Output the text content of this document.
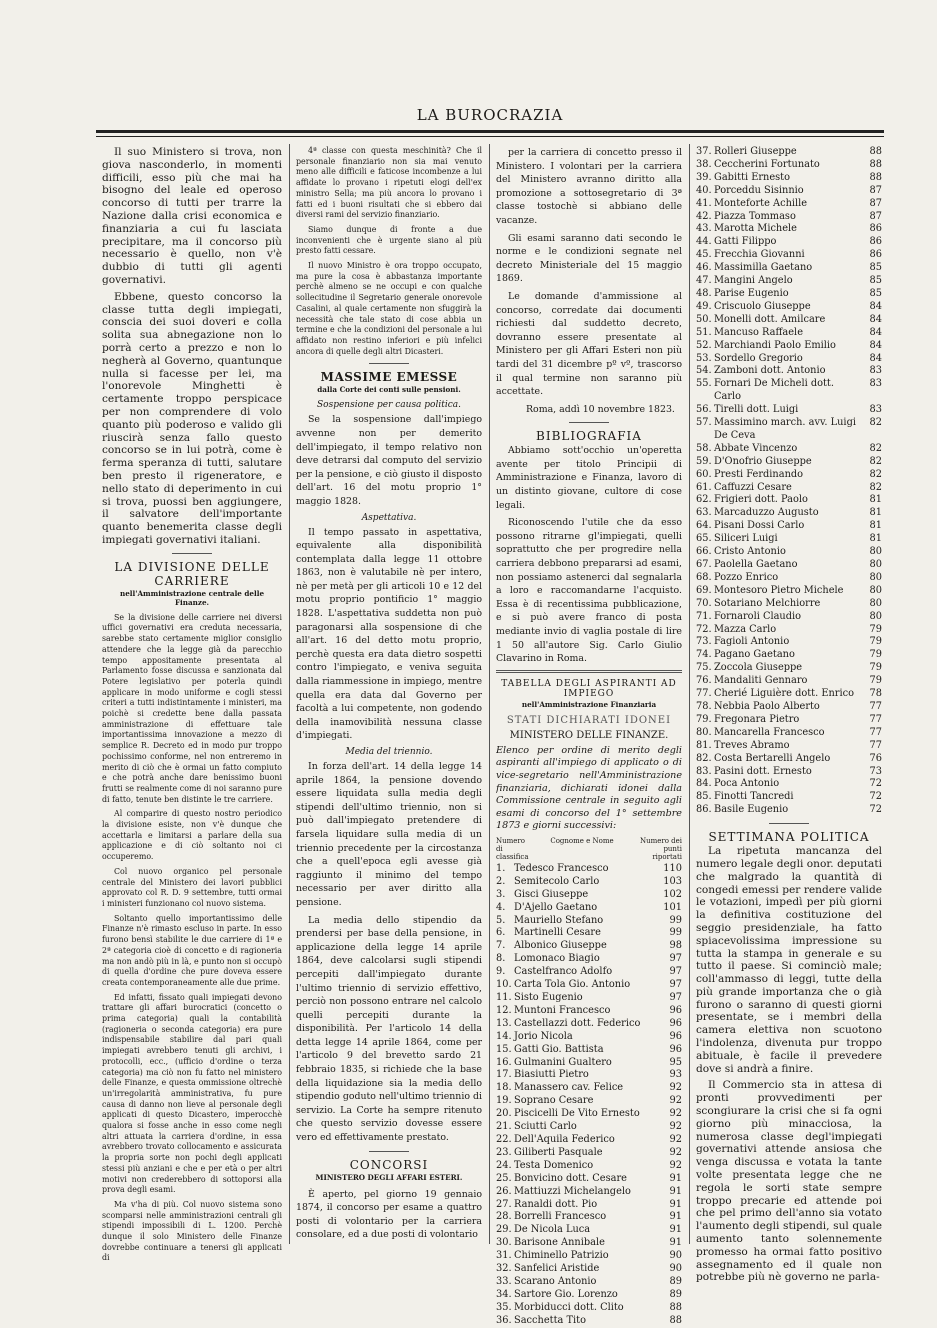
LA BUROCRAZIA

Il suo Ministero si trova, non giova nasconderlo, in momenti difficili, esso più che mai ha bisogno del leale ed operoso concorso di tutti per trarre la Nazione dalla crisi economica e finanziaria a cui fu lasciata precipitare, ma il concorso più necessario è quello, non v'è dubbio di tutti gli agenti governativi.

Ebbene, questo concorso la classe tutta degli impiegati, conscia dei suoi doveri e colla solita sua abnegazione non lo porrà certo a prezzo e non lo negherà al Governo, quantunque nulla si facesse per lei, ma l'onorevole Minghetti è certamente troppo perspicace per non comprendere di volo quanto più poderoso e valido gli riuscirà senza fallo questo concorso se in lui potrà, come è ferma speranza di tutti, salutare ben presto il rigeneratore, e nello stato di deperimento in cui si trova, puossi ben aggiungere, il salvatore dell'importante quanto benemerita classe degli impiegati governativi italiani.

LA DIVISIONE DELLE CARRIERE
nell'Amministrazione centrale delle Finanze.

Se la divisione delle carriere nei diversi uffici governativi era creduta necessaria, sarebbe stato certamente miglior consiglio attendere che la legge già da parecchio tempo appositamente presentata al Parlamento fosse discussa e sanzionata dal Potere legislativo per poterla quindi applicare in modo uniforme e cogli stessi criteri a tutti indistintamente i ministeri, ma poichè si credette bene dalla passata amministrazione di effettuare tale importantissima innovazione a mezzo di semplice R. Decreto ed in modo pur troppo pochissimo conforme, nel non entreremo in merito di ciò che è ormai un fatto compiuto e che potrà anche dare benissimo buoni frutti se realmente come di noi saranno pure di fatto, tenute ben distinte le tre carriere.

Al comparire di questo nostro periodico la divisione esiste, non v'è dunque che accettarla e limitarsi a parlare della sua applicazione e di ciò soltanto noi ci occuperemo.

Col nuovo organico pel personale centrale del Ministero dei lavori pubblici approvato col R. D. 9 settembre, tutti ormai i ministeri funzionano col nuovo sistema.

Soltanto quello importantissimo delle Finanze n'è rimasto escluso in parte. In esso furono bensì stabilite le due carriere di 1ª e 2ª categoria cioè di concetto e di ragioneria ma non andò più in là, e punto non si occupò di quella d'ordine che pure doveva essere creata contemporaneamente alle due prime.

Ed infatti, fissato quali impiegati devono trattare gli affari burocratici (concetto o prima categoria) quali la contabilità (ragioneria o seconda categoria) era pure indispensabile stabilire dal pari quali impiegati avrebbero tenuti gli archivi, i protocolli, ecc., (ufficio d'ordine o terza categoria) ma ciò non fu fatto nel ministero delle Finanze, e questa ommissione oltrechè un'irregolarità amministrativa, fu pure causa di danno non lieve al personale degli applicati di questo Dicastero, imperocchè qualora si fosse anche in esso come negli altri attuata la carriera d'ordine, in essa avrebbero trovato collocamento e assicurata la propria sorte non pochi degli applicati stessi più anziani e che e per età o per altri motivi non crederebbero di sottoporsi alla prova degli esami.

Ma v'ha di più. Col nuovo sistema sono scomparsi nelle amministrazioni centrali gli stipendi impossibili di L. 1200. Perchè dunque il solo Ministero delle Finanze dovrebbe continuare a tenersi gli applicati di

4ª classe con questa meschinità? Che il personale finanziario non sia mai venuto meno alle difficili e faticose incombenze a lui affidate lo provano i ripetuti elogi dell'ex ministro Sella; ma più ancora lo provano i fatti ed i buoni risultati che si ebbero dai diversi rami del servizio finanziario.

Siamo dunque di fronte a due inconvenienti che è urgente siano al più presto fatti cessare.

Il nuovo Ministro è ora troppo occupato, ma pure la cosa è abbastanza importante perchè almeno se ne occupi e con qualche sollecitudine il Segretario generale onorevole Casalini, al quale certamente non sfuggirà la necessità che tale stato di cose abbia un termine e che la condizioni del personale a lui affidato non restino inferiori e più infelici ancora di quelle degli altri Dicasteri.

MASSIME EMESSE
dalla Corte dei conti sulle pensioni.
Sospensione per causa politica.

Se la sospensione dall'impiego avvenne non per demerito dell'impiegato, il tempo relativo non deve detrarsi dal computo del servizio per la pensione, e ciò giusto il disposto dell'art. 16 del motu proprio 1° maggio 1828.

Aspettativa.

Il tempo passato in aspettativa, equivalente alla disponibilità contemplata dalla legge 11 ottobre 1863, non è valutabile nè per intero, nè per metà per gli articoli 10 e 12 del motu proprio pontificio 1° maggio 1828. L'aspettativa suddetta non può paragonarsi alla sospensione di che all'art. 16 del detto motu proprio, perchè questa era data dietro sospetti contro l'impiegato, e veniva seguita dalla riammessione in impiego, mentre quella era data dal Governo per facoltà a lui competente, non godendo della inamovibilità nessuna classe d'impiegati.

Media del triennio.

In forza dell'art. 14 della legge 14 aprile 1864, la pensione dovendo essere liquidata sulla media degli stipendi dell'ultimo triennio, non si può dall'impiegato pretendere di farsela liquidare sulla media di un triennio precedente per la circostanza che a quell'epoca egli avesse già raggiunto il minimo del tempo necessario per aver diritto alla pensione.

La media dello stipendio da prendersi per base della pensione, in applicazione della legge 14 aprile 1864, deve calcolarsi sugli stipendi percepiti dall'impiegato durante l'ultimo triennio di servizio effettivo, perciò non possono entrare nel calcolo quelli percepiti durante la disponibilità. Per l'articolo 14 della detta legge 14 aprile 1864, come per l'articolo 9 del brevetto sardo 21 febbraio 1835, si richiede che la base della liquidazione sia la media dello stipendio goduto nell'ultimo triennio di servizio. La Corte ha sempre ritenuto che questo servizio dovesse essere vero ed effettivamente prestato.

CONCORSI
MINISTERO DEGLI AFFARI ESTERI.

È aperto, pel giorno 19 gennaio 1874, il concorso per esame a quattro posti di volontario per la carriera consolare, ed a due posti di volontario

per la carriera di concetto presso il Ministero. I volontari per la carriera del Ministero avranno diritto alla promozione a sottosegretario di 3ª classe tostochè si abbiano delle vacanze.

Gli esami saranno dati secondo le norme e le condizioni segnate nel decreto Ministeriale del 15 maggio 1869.

Le domande d'ammissione al concorso, corredate dai documenti richiesti dal suddetto decreto, dovranno essere presentate al Ministero per gli Affari Esteri non più tardi del 31 dicembre pº vº, trascorso il qual termine non saranno più accettate.

Roma, addì 10 novembre 1823.

BIBLIOGRAFIA

Abbiamo sott'occhio un'operetta avente per titolo Principii di Amministrazione e Finanza, lavoro di un distinto giovane, cultore di cose legali.

Riconoscendo l'utile che da esso possono ritrarne gl'impiegati, quelli soprattutto che per progredire nella carriera debbono prepararsi ad esami, non possiamo astenerci dal segnalarla a loro e raccomandarne l'acquisto. Essa è di recentissima pubblicazione, e si può avere franco di posta mediante invio di vaglia postale di lire 1 50 all'autore Sig. Carlo Giulio Clavarino in Roma.

TABELLA DEGLI ASPIRANTI AD IMPIEGO
nell'Amministrazione Finanziaria
STATI DICHIARATI IDONEI
MINISTERO DELLE FINANZE.
Elenco per ordine di merito degli aspiranti all'impiego di applicato o di vice-segretario nell'Amministrazione finanziaria, dichiarati idonei dalla Commissione centrale in seguito agli esami di concorso del 1° settembre 1873 e giorni successivi:
Numero di classifica
Cognome e Nome	Numero dei punti riportati
1. Tedesco Francesco	110
2. Semitecolo Carlo	103
3. Gisci Giuseppe	102
4. D'Ajello Gaetano	101
5. Mauriello Stefano	99
6. Martinelli Cesare	99
7. Albonico Giuseppe	98
8. Lomonaco Biagio	97
9. Castelfranco Adolfo	97
10. Carta Tola Gio. Antonio	97
11. Sisto Eugenio	97
12. Muntoni Francesco	96
13. Castellazzi dott. Federico	96
14. Jorio Nicola	96
15. Gatti Gio. Battista	96
16. Gulmanini Gualtero	95
17. Biasiutti Pietro	93
18. Manassero cav. Felice	92
19. Soprano Cesare	92
20. Piscicelli De Vito Ernesto	92
21. Sciutti Carlo	92
22. Dell'Aquila Federico	92
23. Giliberti Pasquale	92
24. Testa Domenico	92
25. Bonvicino dott. Cesare	91
26. Mattiuzzi Michelangelo	91
27. Ranaldi dott. Pio	91
28. Borrelli Francesco	91
29. De Nicola Luca	91
30. Barisone Annibale	91
31. Chiminello Patrizio	90
32. Sanfelici Aristide	90
33. Scarano Antonio	89
34. Sartore Gio. Lorenzo	89
35. Morbiducci dott. Clito	88
36. Sacchetta Tito	88
37. Rolleri Giuseppe	88
38. Ceccherini Fortunato	88
39. Gabitti Ernesto	88
40. Porceddu Sisinnio	87
41. Monteforte Achille	87
42. Piazza Tommaso	87
43. Marotta Michele	86
44. Gatti Filippo	86
45. Frecchia Giovanni	86
46. Massimilla Gaetano	85
47. Mangini Angelo	85
48. Parise Eugenio	85
49. Criscuolo Giuseppe	84
50. Monelli dott. Amilcare	84
51. Mancuso Raffaele	84
52. Marchiandi Paolo Emilio	84
53. Sordello Gregorio	84
54. Zamboni dott. Antonio	83
55. Fornari De Micheli dott. Carlo
83
56. Tirelli dott. Luigi	83
57. Massimino march. avv. Luigi De Ceva
82
58. Abbate Vincenzo	82
59. D'Onofrio Giuseppe	82
60. Presti Ferdinando	82
61. Caffuzzi Cesare	82
62. Frigieri dott. Paolo	81
63. Marcaduzzo Augusto	81
64. Pisani Dossi Carlo	81
65. Siliceri Luigi	81
66. Cristo Antonio	80
67. Paolella Gaetano	80
68. Pozzo Enrico	80
69. Montesoro Pietro Michele	80
70. Sotariano Melchiorre	80
71. Fornaroli Claudio	80
72. Mazza Carlo	79
73. Fagioli Antonio	79
74. Pagano Gaetano	79
75. Zoccola Giuseppe	79
76. Mandaliti Gennaro	79
77. Cherié Liguière dott. Enrico	78
78. Nebbia Paolo Alberto	77
79. Fregonara Pietro	77
80. Mancarella Francesco	77
81. Treves Abramo	77
82. Costa Bertarelli Angelo	76
83. Pasini dott. Ernesto	73
84. Poca Antonio	72
85. Finotti Tancredi	72
86. Basile Eugenio	72
SETTIMANA POLITICA

La ripetuta mancanza del numero legale degli onor. deputati che malgrado la quantità di congedi emessi per rendere valide le votazioni, impedì per più giorni la definitiva costituzione del seggio presidenziale, ha fatto spiacevolissima impressione su tutta la stampa in generale e su tutto il paese. Si cominciò male; coll'ammasso di leggi, tutte della più grande importanza che o già furono o saranno di questi giorni presentate, se i membri della camera elettiva non scuotono l'indolenza, divenuta pur troppo abituale, è facile il prevedere dove si andrà a finire.

Il Commercio sta in attesa di pronti provvedimenti per scongiurare la crisi che si fa ogni giorno più minacciosa, la numerosa classe degl'impiegati governativi attende ansiosa che venga discussa e votata la tante volte presentata legge che ne regola le sorti state sempre troppo precarie ed attende poi che pel primo dell'anno sia votato l'aumento degli stipendi, sul quale aumento tanto solennemente promesso ha ormai fatto positivo assegnamento ed il quale non potrebbe più nè governo ne parla-
